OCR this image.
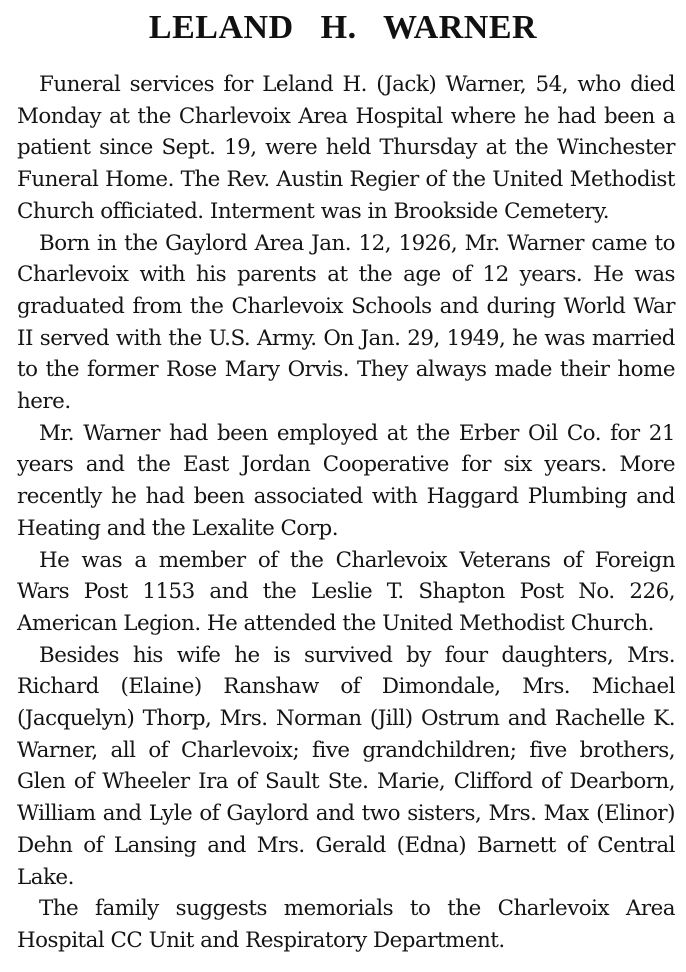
LELAND H. WARNER

Funeral services for Leland H. (Jack) Warner, 54, who died Monday at the Charlevoix Area Hospital where he had been a patient since Sept. 19, were held Thursday at the Winchester Funeral Home. The Rev. Austin Regier of the United Methodist Church officiated. Interment was in Brookside Cemetery.

Born in the Gaylord Area Jan. 12, 1926, Mr. Warner came to Charlevoix with his parents at the age of 12 years. He was graduated from the Charlevoix Schools and during World War II served with the U.S. Army. On Jan. 29, 1949, he was married to the former Rose Mary Orvis. They always made their home here.

Mr. Warner had been employed at the Erber Oil Co. for 21 years and the East Jordan Cooperative for six years. More recently he had been associated with Haggard Plumbing and Heating and the Lexalite Corp.

He was a member of the Charlevoix Veterans of Foreign Wars Post 1153 and the Leslie T. Shapton Post No. 226, American Legion. He attended the United Methodist Church.

Besides his wife he is survived by four daughters, Mrs. Richard (Elaine) Ranshaw of Dimondale, Mrs. Michael (Jacquelyn) Thorp, Mrs. Norman (Jill) Ostrum and Rachelle K. Warner, all of Charlevoix; five grandchildren; five brothers, Glen of Wheeler Ira of Sault Ste. Marie, Clifford of Dearborn, William and Lyle of Gaylord and two sisters, Mrs. Max (Elinor) Dehn of Lansing and Mrs. Gerald (Edna) Barnett of Central Lake.

The family suggests memorials to the Charlevoix Area Hospital CC Unit and Respiratory Department.
